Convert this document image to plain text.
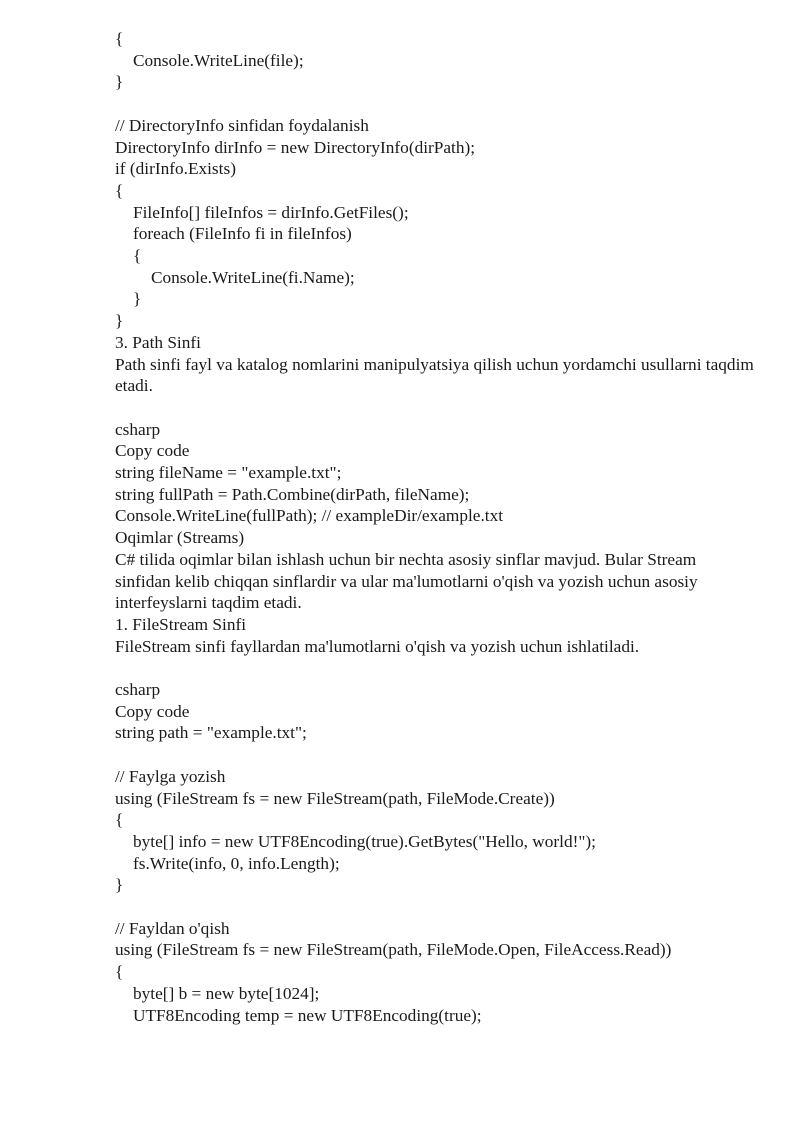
{
Console.WriteLine(file);
}
// DirectoryInfo sinfidan foydalanish
DirectoryInfo dirInfo = new DirectoryInfo(dirPath);
if (dirInfo.Exists)
{
FileInfo[] fileInfos = dirInfo.GetFiles();
foreach (FileInfo fi in fileInfos)
{
Console.WriteLine(fi.Name);
}
}
3. Path Sinfi
Path sinfi fayl va katalog nomlarini manipulyatsiya qilish uchun yordamchi usullarni taqdim etadi.
csharp
Copy code
string fileName = "example.txt";
string fullPath = Path.Combine(dirPath, fileName);
Console.WriteLine(fullPath); // exampleDir/example.txt
Oqimlar (Streams)
C# tilida oqimlar bilan ishlash uchun bir nechta asosiy sinflar mavjud. Bular Stream sinfidan kelib chiqqan sinflardir va ular ma'lumotlarni o'qish va yozish uchun asosiy interfeyslarni taqdim etadi.
1. FileStream Sinfi
FileStream sinfi fayllardan ma'lumotlarni o'qish va yozish uchun ishlatiladi.
csharp
Copy code
string path = "example.txt";
// Faylga yozish
using (FileStream fs = new FileStream(path, FileMode.Create))
{
byte[] info = new UTF8Encoding(true).GetBytes("Hello, world!");
fs.Write(info, 0, info.Length);
}
// Fayldan o'qish
using (FileStream fs = new FileStream(path, FileMode.Open, FileAccess.Read))
{
byte[] b = new byte[1024];
UTF8Encoding temp = new UTF8Encoding(true);
